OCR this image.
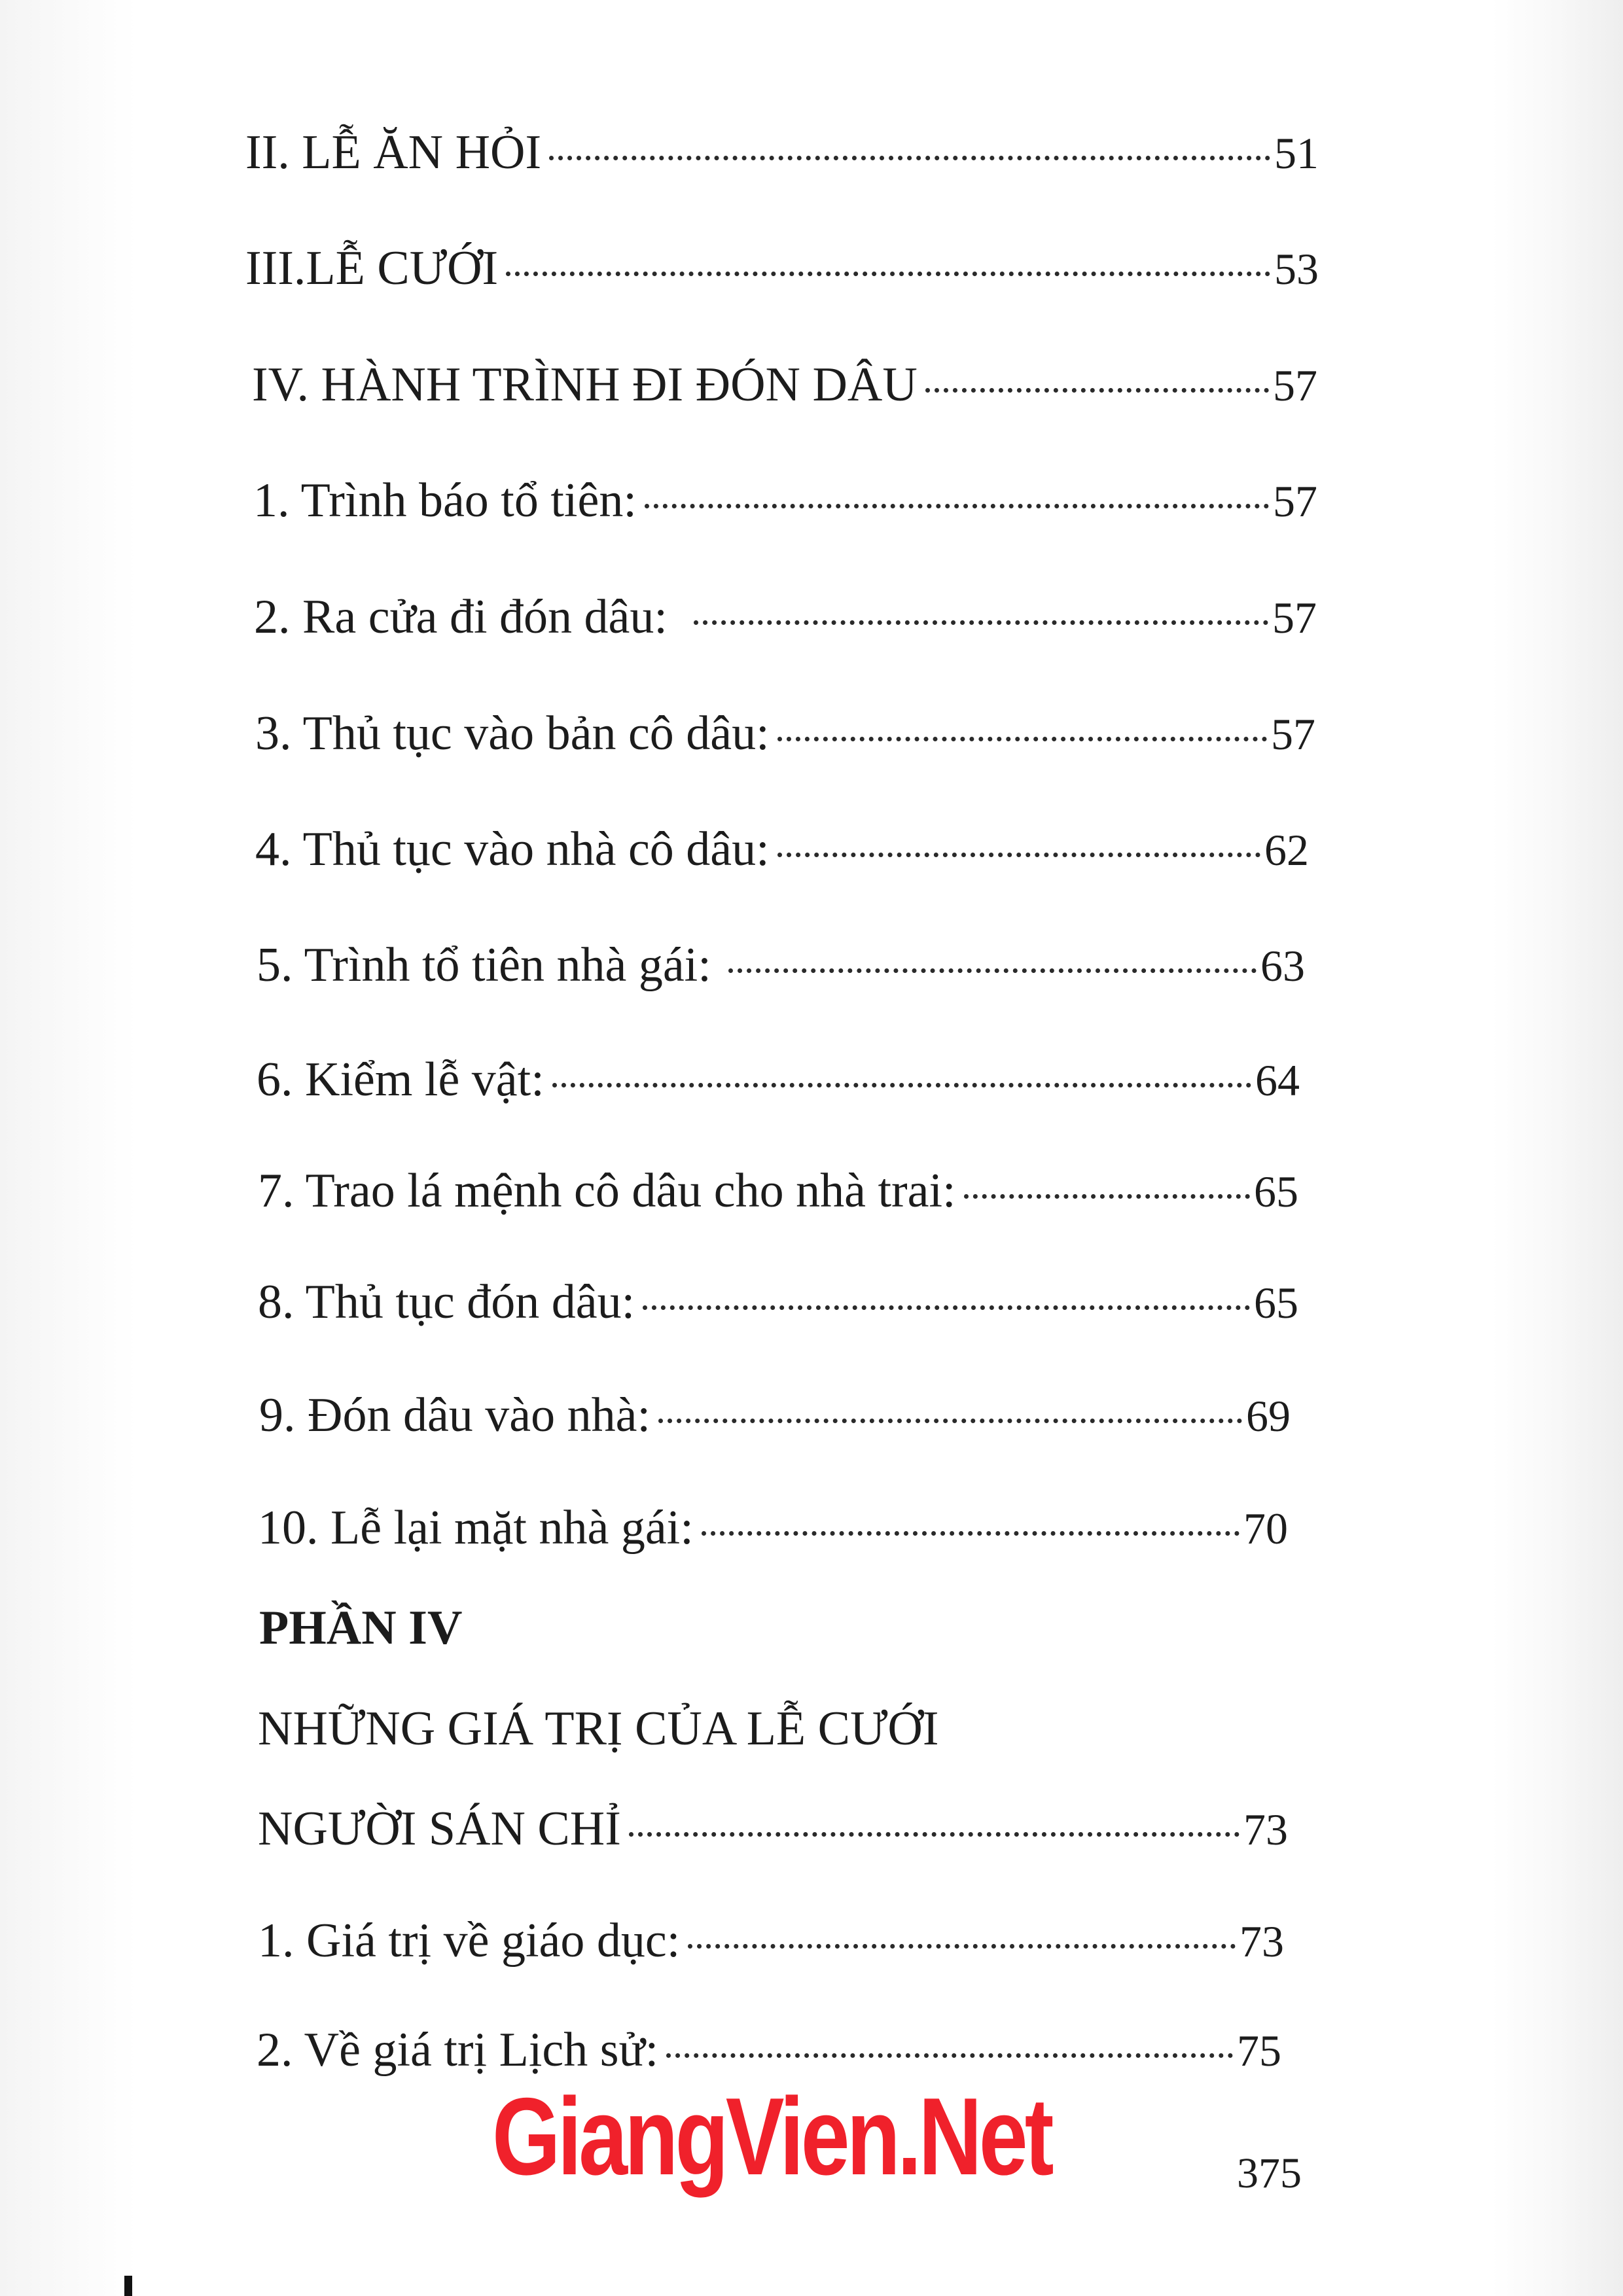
II. LỄ ĂN HỎI	51
III.LỄ CƯỚI	53
IV. HÀNH TRÌNH ĐI ĐÓN DÂU	57
1. Trình báo tổ tiên:	57
2. Ra cửa đi đón dâu:	57
3. Thủ tục vào bản cô dâu:	57
4. Thủ tục vào nhà cô dâu:	62
5. Trình tổ tiên nhà gái:	63
6. Kiểm lễ vật:	64
7. Trao lá mệnh cô dâu cho nhà trai:	65
8. Thủ tục đón dâu:	65
9. Đón dâu vào nhà:	69
10. Lễ lại mặt nhà gái:	70
PHẦN IV
NHỮNG GIÁ TRỊ CỦA LỄ CƯỚI
NGƯỜI SÁN CHỈ	73
1. Giá trị về giáo dục:	73
2. Về giá trị Lịch sử:	75
GiangVien.Net	375
